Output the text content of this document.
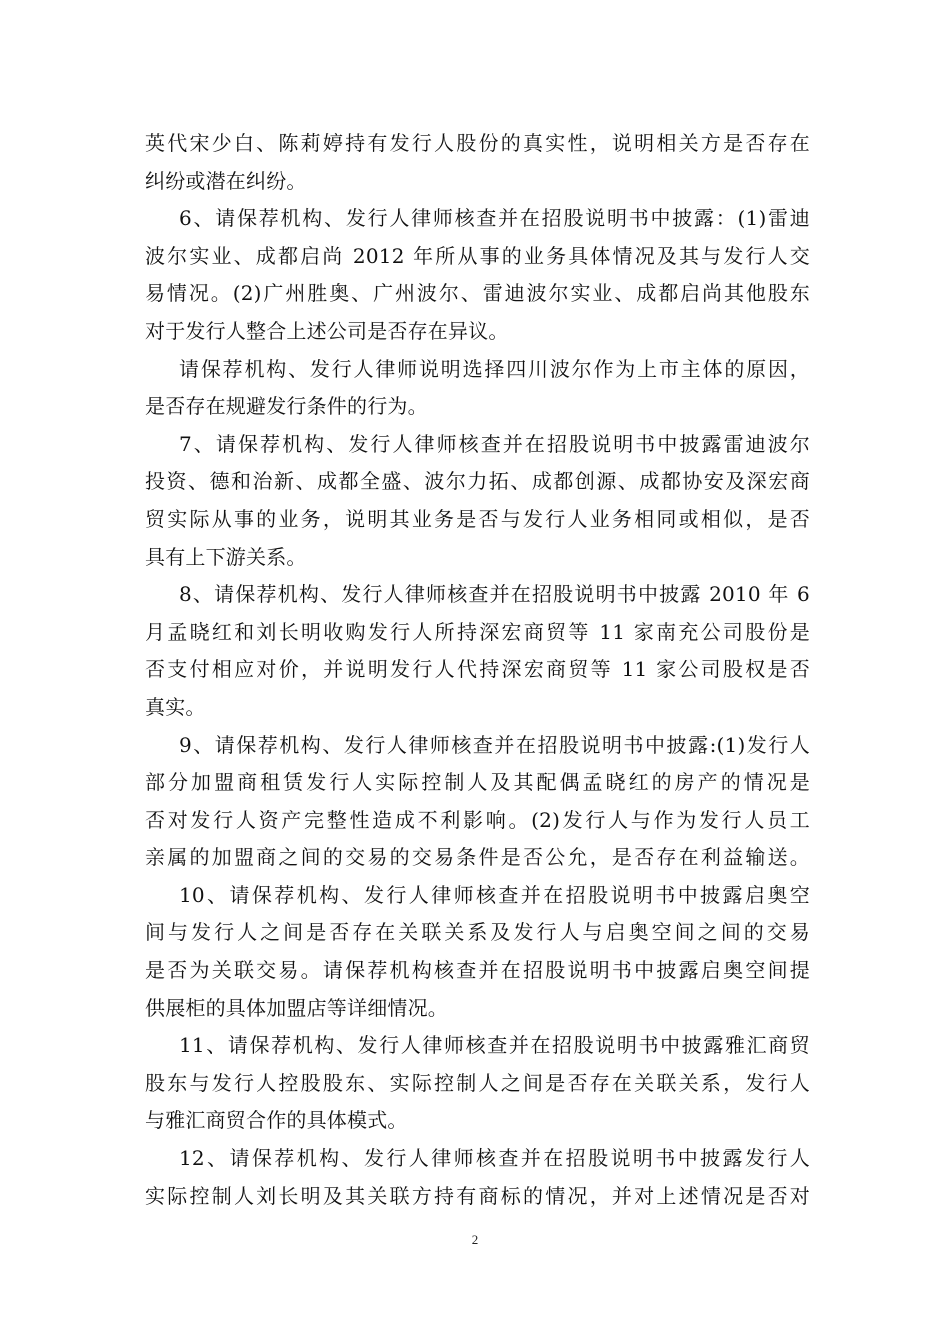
英代宋少白、陈莉婷持有发行人股份的真实性，说明相关方是否存在
纠纷或潜在纠纷。
6、请保荐机构、发行人律师核查并在招股说明书中披露：(1)雷迪
波尔实业、成都启尚 2012 年所从事的业务具体情况及其与发行人交
易情况。(2)广州胜奥、广州波尔、雷迪波尔实业、成都启尚其他股东
对于发行人整合上述公司是否存在异议。
请保荐机构、发行人律师说明选择四川波尔作为上市主体的原因，
是否存在规避发行条件的行为。
7、请保荐机构、发行人律师核查并在招股说明书中披露雷迪波尔
投资、德和治新、成都全盛、波尔力拓、成都创源、成都协安及深宏商
贸实际从事的业务，说明其业务是否与发行人业务相同或相似，是否
具有上下游关系。
8、请保荐机构、发行人律师核查并在招股说明书中披露 2010 年 6
月孟晓红和刘长明收购发行人所持深宏商贸等 11 家南充公司股份是
否支付相应对价，并说明发行人代持深宏商贸等 11 家公司股权是否
真实。
9、请保荐机构、发行人律师核查并在招股说明书中披露:(1)发行人
部分加盟商租赁发行人实际控制人及其配偶孟晓红的房产的情况是
否对发行人资产完整性造成不利影响。(2)发行人与作为发行人员工
亲属的加盟商之间的交易的交易条件是否公允，是否存在利益输送。
10、请保荐机构、发行人律师核查并在招股说明书中披露启奥空
间与发行人之间是否存在关联关系及发行人与启奥空间之间的交易
是否为关联交易。请保荐机构核查并在招股说明书中披露启奥空间提
供展柜的具体加盟店等详细情况。
11、请保荐机构、发行人律师核查并在招股说明书中披露雅汇商贸
股东与发行人控股股东、实际控制人之间是否存在关联关系，发行人
与雅汇商贸合作的具体模式。
12、请保荐机构、发行人律师核查并在招股说明书中披露发行人
实际控制人刘长明及其关联方持有商标的情况，并对上述情况是否对
2
